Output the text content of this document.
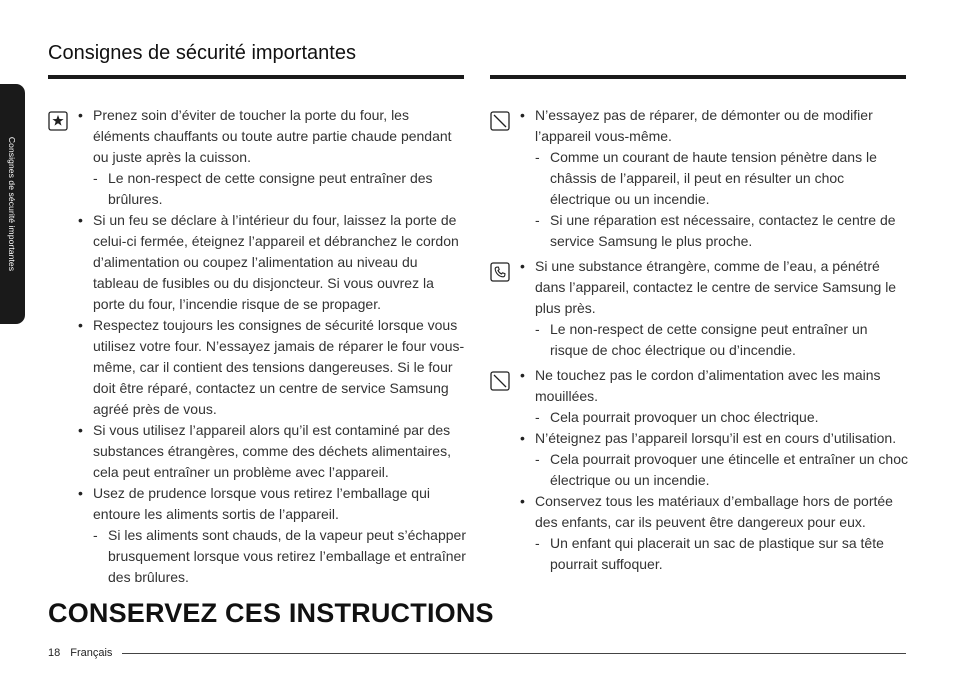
Consignes de sécurité importantes
Consignes de sécurité importantes
• Prenez soin d’éviter de toucher la porte du four, les éléments chauffants ou toute autre partie chaude pendant ou juste après la cuisson.
- Le non-respect de cette consigne peut entraîner des brûlures.
• Si un feu se déclare à l’intérieur du four, laissez la porte de celui-ci fermée, éteignez l’appareil et débranchez le cordon d’alimentation ou coupez l’alimentation au niveau du tableau de fusibles ou du disjoncteur. Si vous ouvrez la porte du four, l’incendie risque de se propager.
• Respectez toujours les consignes de sécurité lorsque vous utilisez votre four. N’essayez jamais de réparer le four vous-même, car il contient des tensions dangereuses. Si le four doit être réparé, contactez un centre de service Samsung agréé près de vous.
• Si vous utilisez l’appareil alors qu’il est contaminé par des substances étrangères, comme des déchets alimentaires, cela peut entraîner un problème avec l’appareil.
• Usez de prudence lorsque vous retirez l’emballage qui entoure les aliments sortis de l’appareil.
- Si les aliments sont chauds, de la vapeur peut s’échapper brusquement lorsque vous retirez l’emballage et entraîner des brûlures.
• N’essayez pas de réparer, de démonter ou de modifier l’appareil vous-même.
- Comme un courant de haute tension pénètre dans le châssis de l’appareil, il peut en résulter un choc électrique ou un incendie.
- Si une réparation est nécessaire, contactez le centre de service Samsung le plus proche.
• Si une substance étrangère, comme de l’eau, a pénétré dans l’appareil, contactez le centre de service Samsung le plus près.
- Le non-respect de cette consigne peut entraîner un risque de choc électrique ou d’incendie.
• Ne touchez pas le cordon d’alimentation avec les mains mouillées.
- Cela pourrait provoquer un choc électrique.
• N’éteignez pas l’appareil lorsqu’il est en cours d’utilisation.
- Cela pourrait provoquer une étincelle et entraîner un choc électrique ou un incendie.
• Conservez tous les matériaux d’emballage hors de portée des enfants, car ils peuvent être dangereux pour eux.
- Un enfant qui placerait un sac de plastique sur sa tête pourrait suffoquer.
CONSERVEZ CES INSTRUCTIONS
18 Français
